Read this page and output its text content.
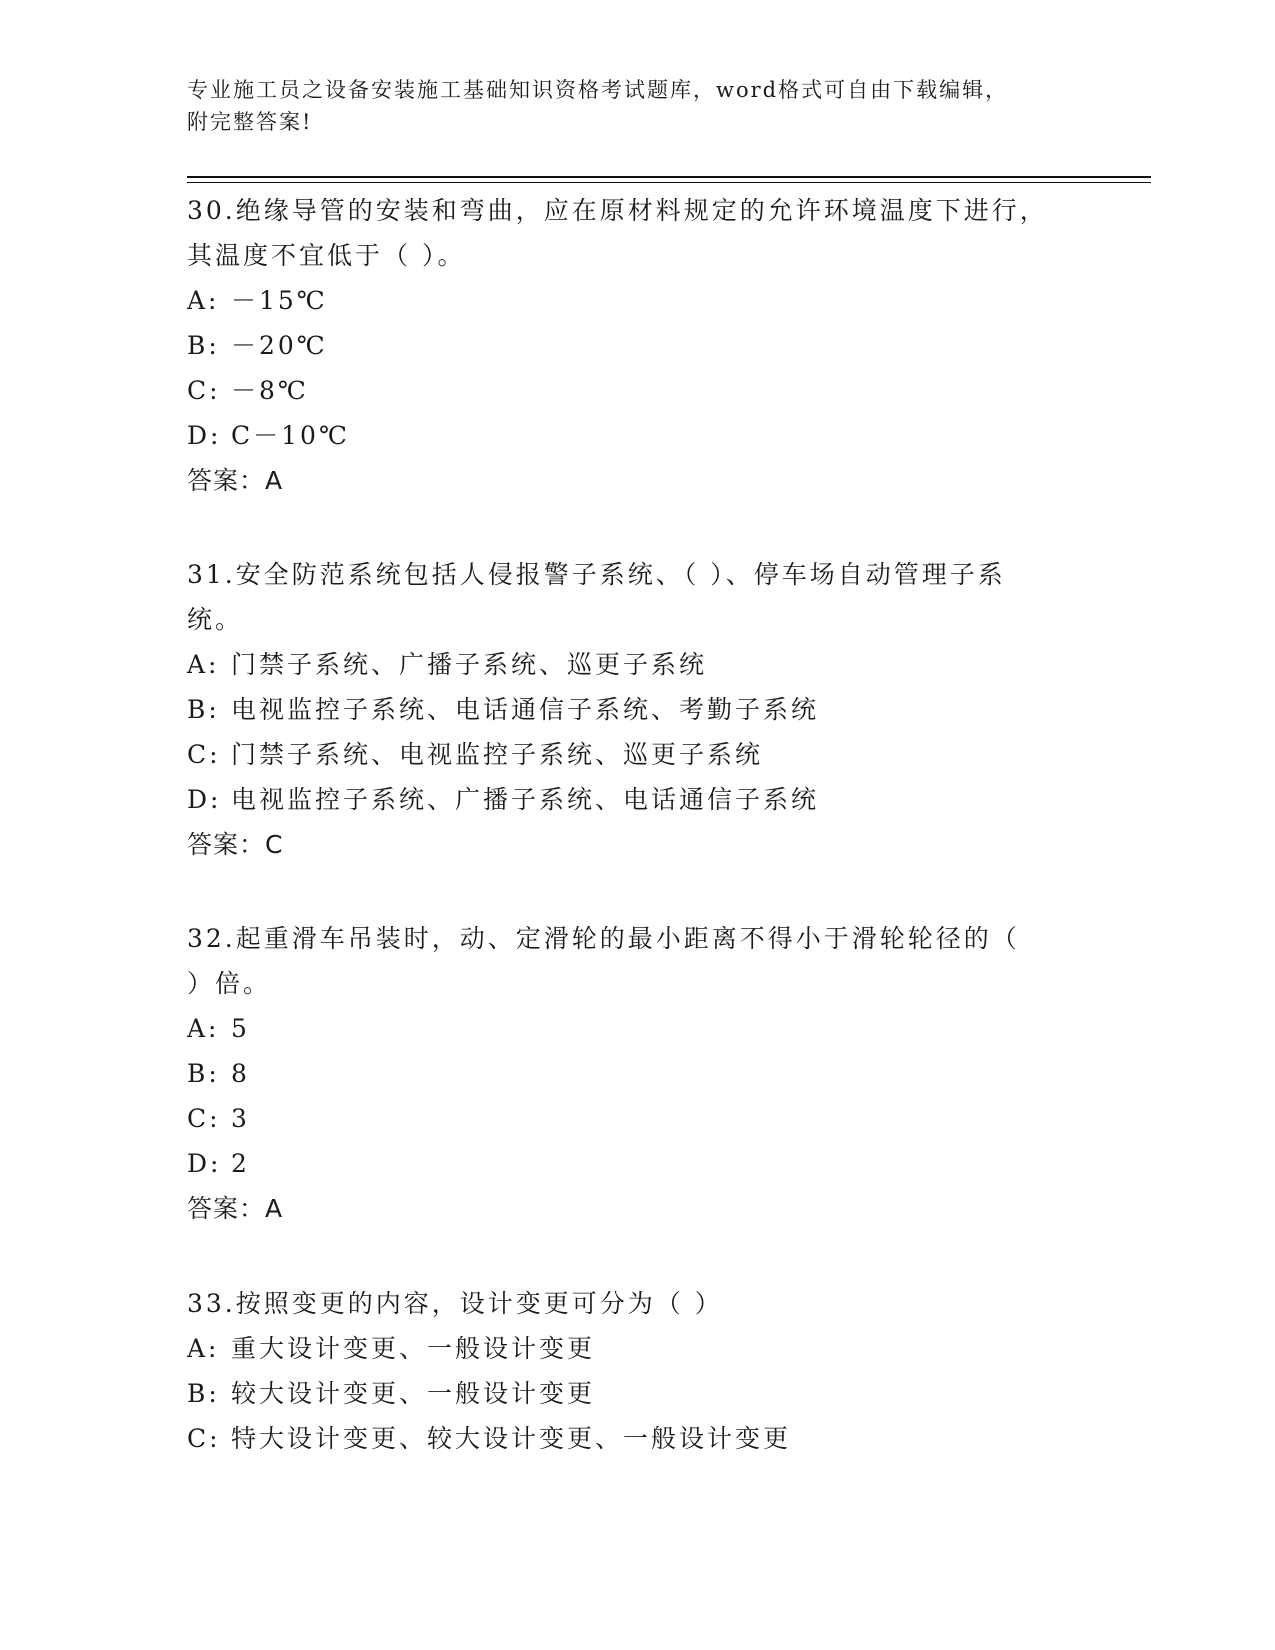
专业施工员之设备安装施工基础知识资格考试题库，word格式可自由下载编辑，
附完整答案!

30.绝缘导管的安装和弯曲，应在原材料规定的允许环境温度下进行，

其温度不宜低于（ ）。

A: －15℃

B: －20℃

C: －8℃

D: C－10℃

答案：A

31.安全防范系统包括人侵报警子系统、（ ）、停车场自动管理子系

统。

A: 门禁子系统、广播子系统、巡更子系统

B: 电视监控子系统、电话通信子系统、考勤子系统

C: 门禁子系统、电视监控子系统、巡更子系统

D: 电视监控子系统、广播子系统、电话通信子系统

答案：C

32.起重滑车吊装时，动、定滑轮的最小距离不得小于滑轮轮径的（

）倍。

A: 5

B: 8

C: 3

D: 2

答案：A

33.按照变更的内容，设计变更可分为（ ）

A: 重大设计变更、一般设计变更

B: 较大设计变更、一般设计变更

C: 特大设计变更、较大设计变更、一般设计变更
